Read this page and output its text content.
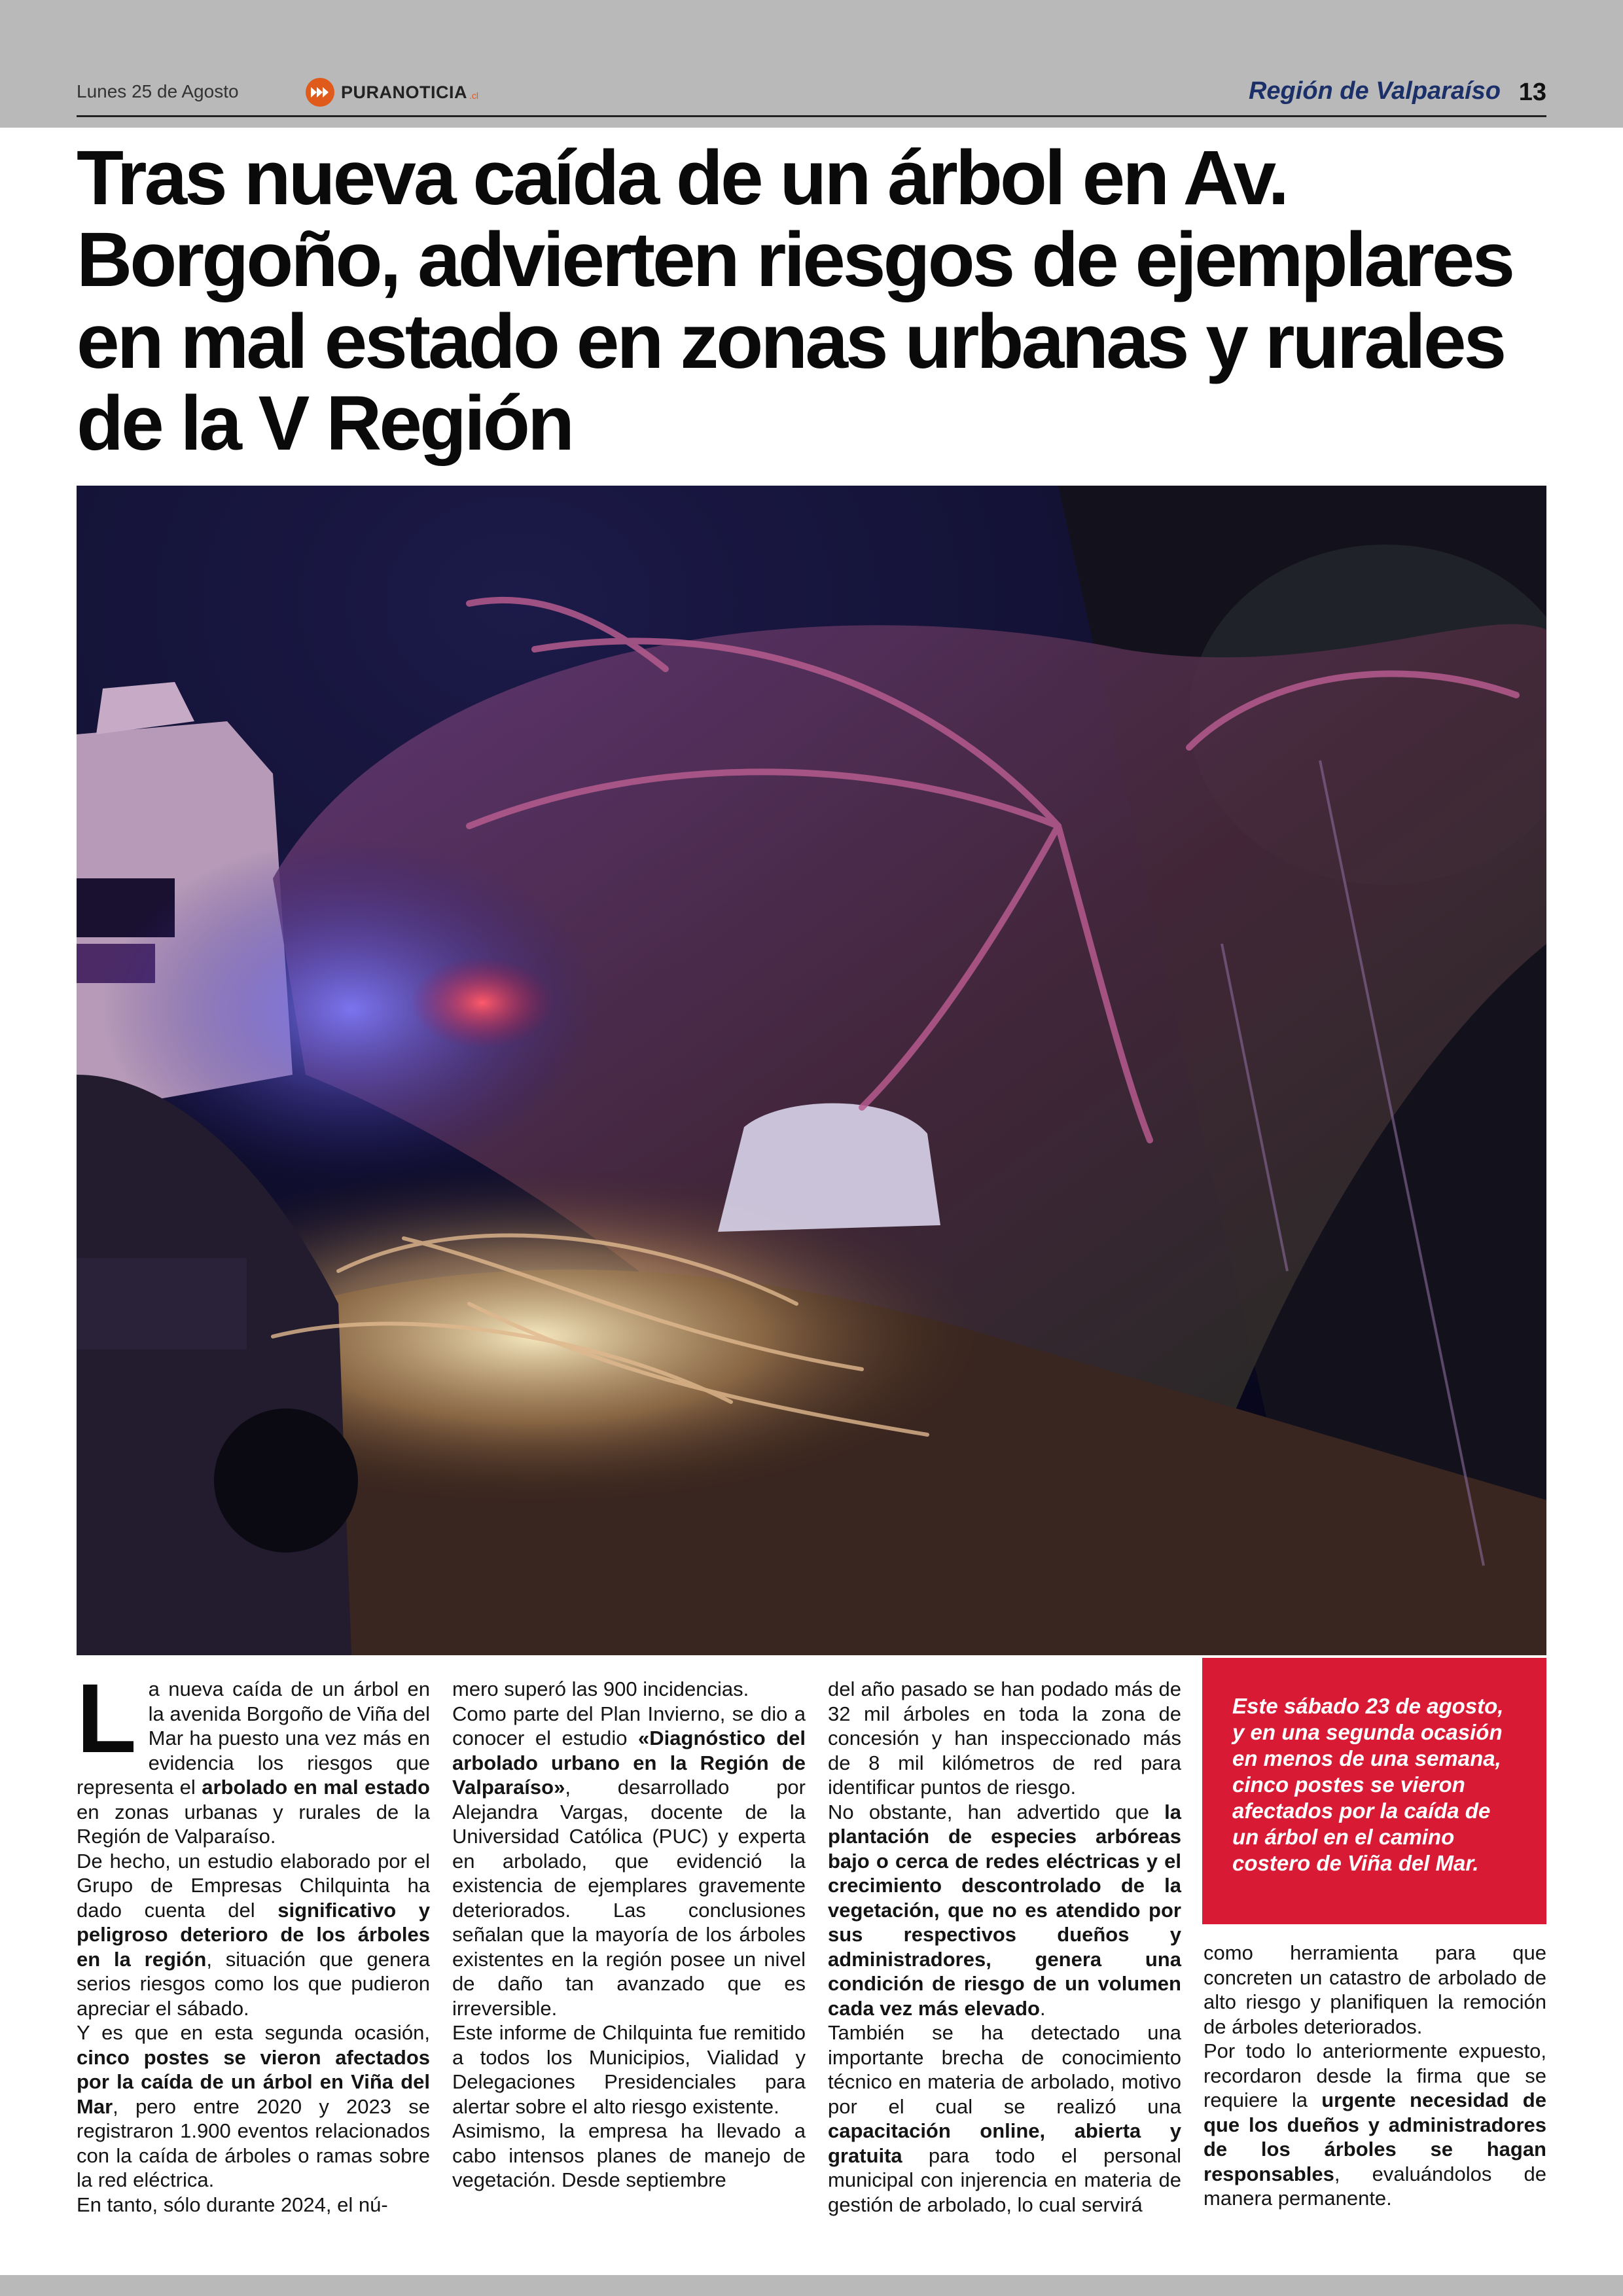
Lunes 25 de Agosto	PURANOTICIA .cl	Región de Valparaíso 13
Tras nueva caída de un árbol en Av. Borgoño, advierten riesgos de ejemplares en mal estado en zonas urbanas y rurales de la V Región
L a nueva caída de un árbol en la avenida Borgoño de Viña del Mar ha puesto una vez más en evidencia los riesgos que representa el arbolado en mal estado en zonas urbanas y rurales de la Región de Valparaíso.

De hecho, un estudio elaborado por el Grupo de Empresas Chilquinta ha dado cuenta del significativo y peligroso deterioro de los árboles en la región, situación que genera serios riesgos como los que pudieron apreciar el sábado.

Y es que en esta segunda ocasión, cinco postes se vieron afectados por la caída de un árbol en Viña del Mar, pero entre 2020 y 2023 se registraron 1.900 eventos relacionados con la caída de árboles o ramas sobre la red eléctrica.

En tanto, sólo durante 2024, el nú-

mero superó las 900 incidencias.

Como parte del Plan Invierno, se dio a conocer el estudio «Diagnóstico del arbolado urbano en la Región de Valparaíso», desarrollado por Alejandra Vargas, docente de la Universidad Católica (PUC) y experta en arbolado, que evidenció la existencia de ejemplares gravemente deteriorados. Las conclusiones señalan que la mayoría de los árboles existentes en la región posee un nivel de daño tan avanzado que es irreversible.

Este informe de Chilquinta fue remitido a todos los Municipios, Vialidad y Delegaciones Presidenciales para alertar sobre el alto riesgo existente.

Asimismo, la empresa ha llevado a cabo intensos planes de manejo de vegetación. Desde septiembre

del año pasado se han podado más de 32 mil árboles en toda la zona de concesión y han inspeccionado más de 8 mil kilómetros de red para identificar puntos de riesgo.

No obstante, han advertido que la plantación de especies arbóreas bajo o cerca de redes eléctricas y el crecimiento descontrolado de la vegetación, que no es atendido por sus respectivos dueños y administradores, genera una condición de riesgo de un volumen cada vez más elevado.

También se ha detectado una importante brecha de conocimiento técnico en materia de arbolado, motivo por el cual se realizó una capacitación online, abierta y gratuita para todo el personal municipal con injerencia en materia de gestión de arbolado, lo cual servirá

Este sábado 23 de agosto, y en una segunda ocasión en menos de una semana, cinco postes se vieron afectados por la caída de un árbol en el camino costero de Viña del Mar.

como herramienta para que concreten un catastro de arbolado de alto riesgo y planifiquen la remoción de árboles deteriorados.

Por todo lo anteriormente expuesto, recordaron desde la firma que se requiere la urgente necesidad de que los dueños y administradores de los árboles se hagan responsables, evaluándolos de manera permanente.
